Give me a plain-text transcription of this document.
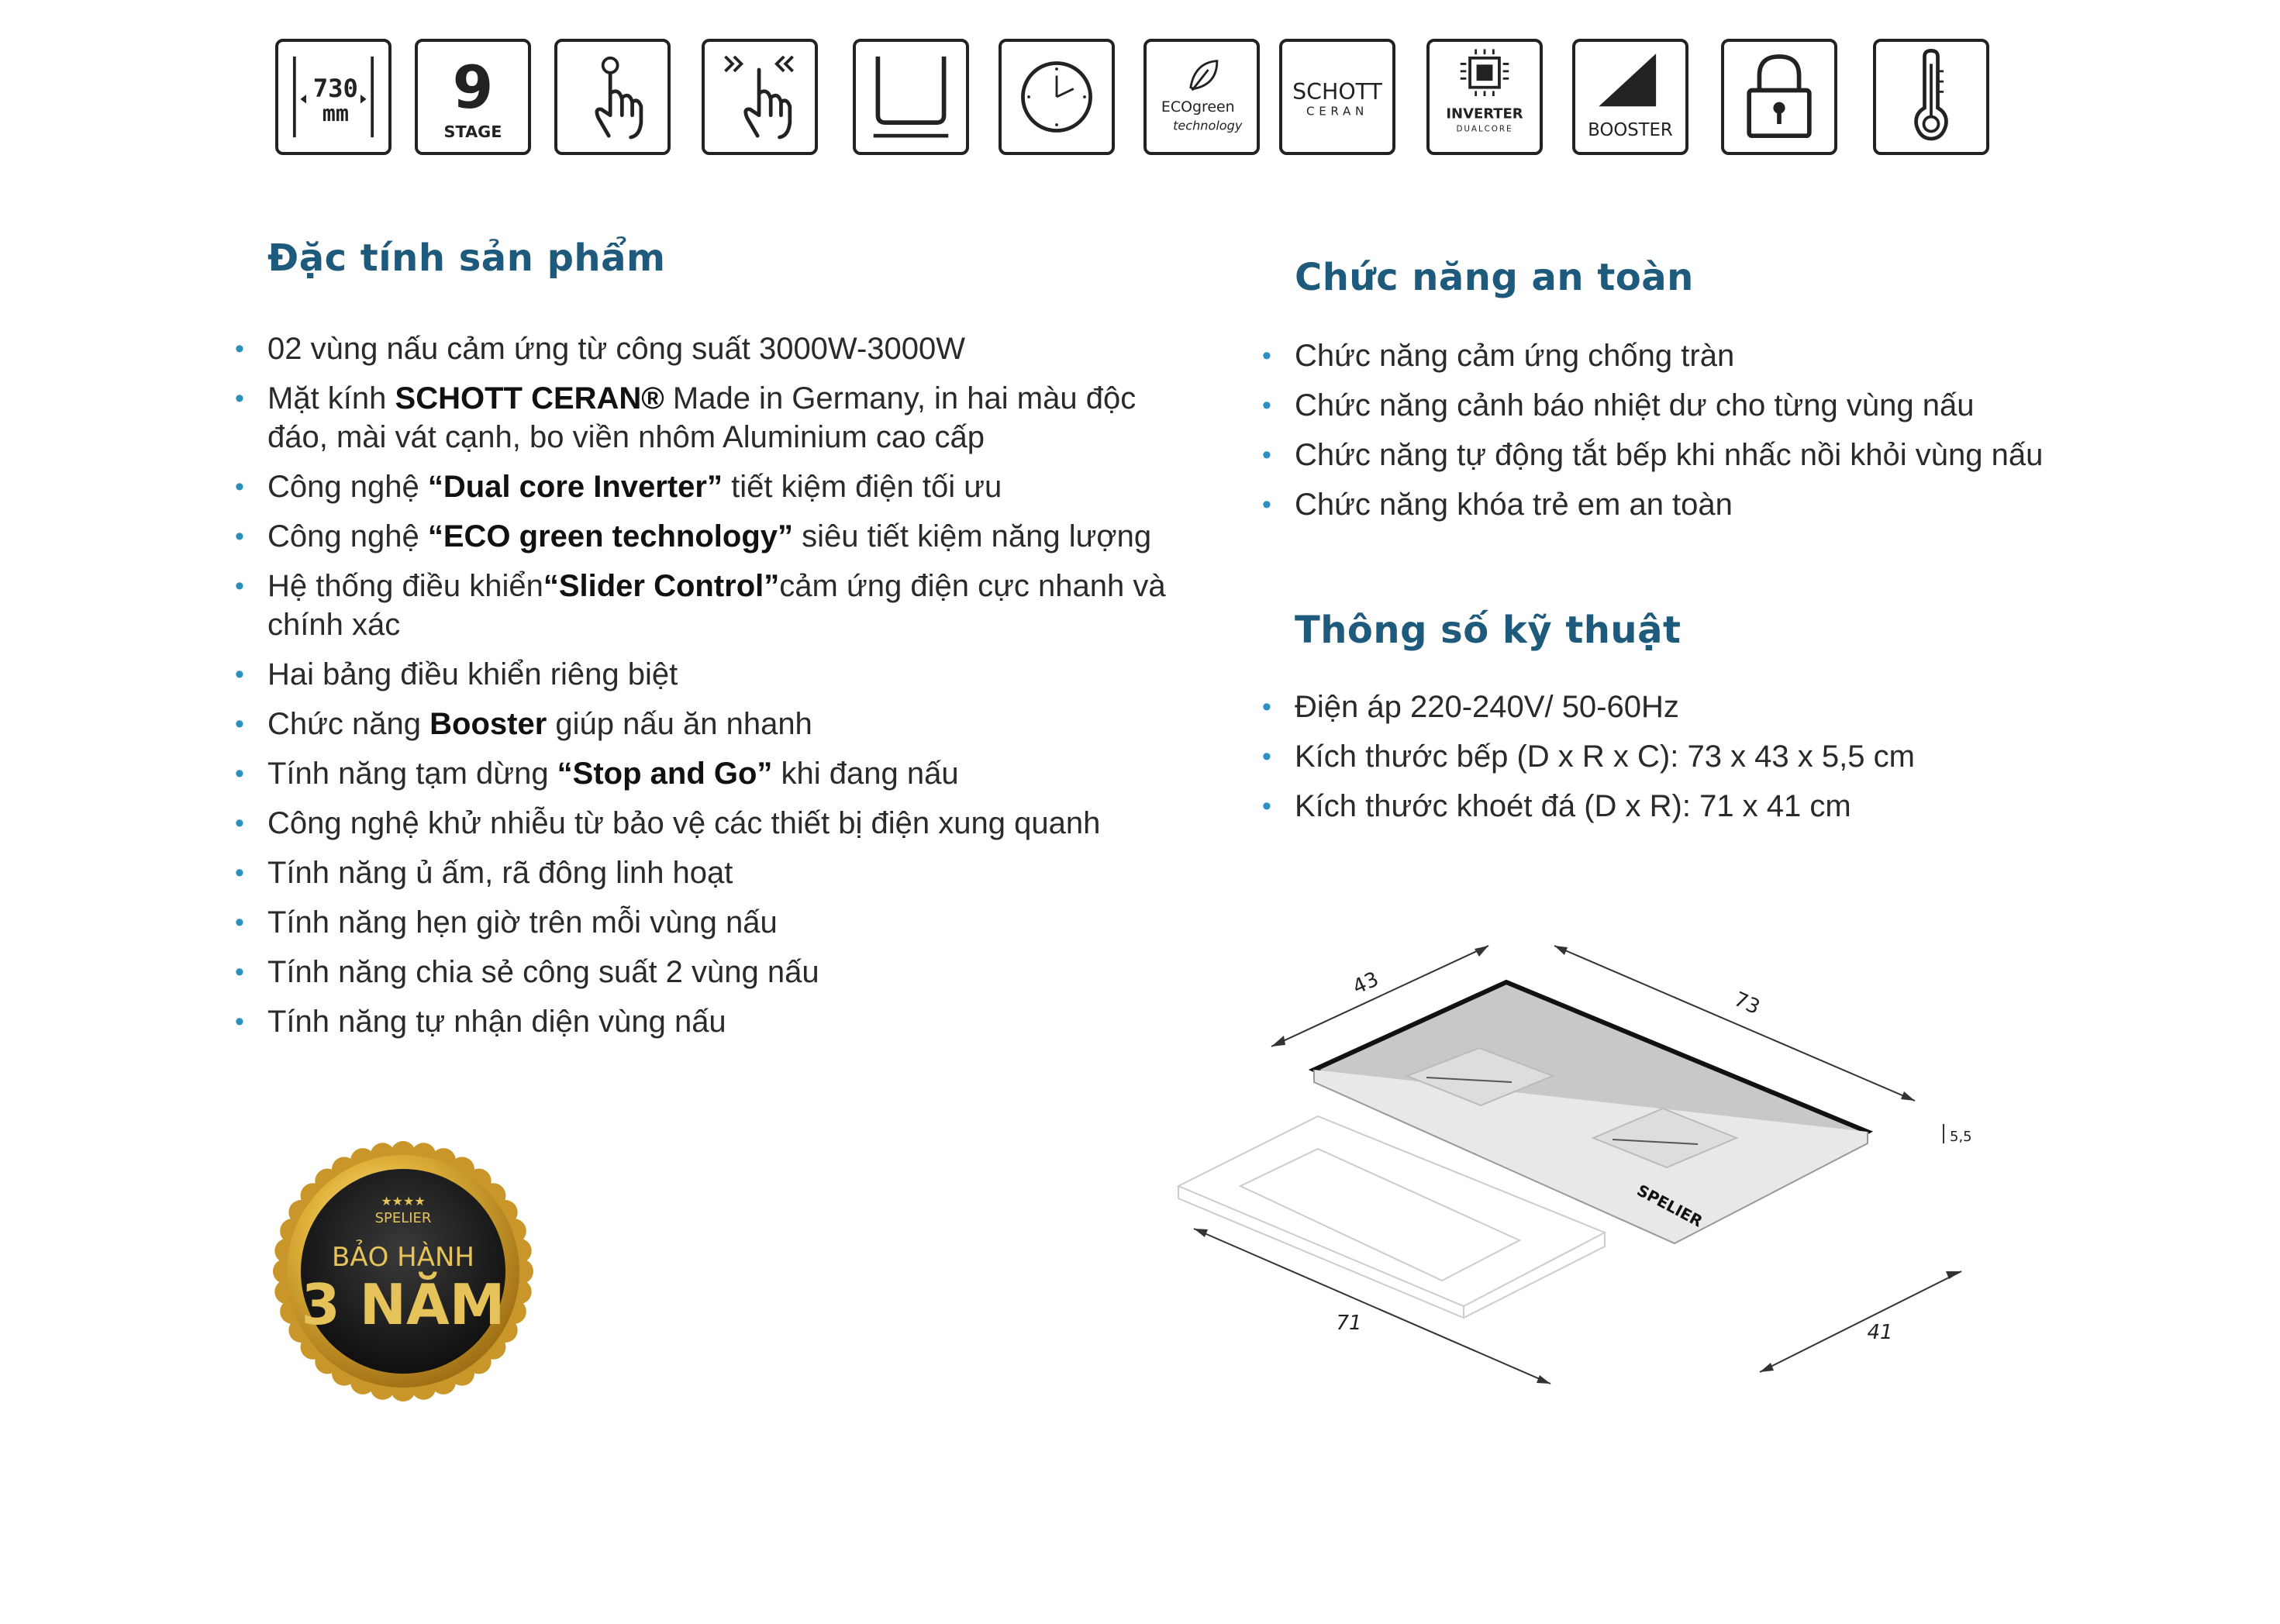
730
mm 9
STAGE
ECOgreen
technology
SCHOTT
CERAN	INVERTER
DUALCORE	BOOSTER
Đặc tính sản phẩm
• 02 vùng nấu cảm ứng từ công suất 3000W-3000W
• Mặt kính SCHOTT CERAN® Made in Germany, in hai màu độc đáo, mài vát cạnh, bo viền nhôm Aluminium cao cấp
• Công nghệ “Dual core Inverter” tiết kiệm điện tối ưu
• Công nghệ “ECO green technology” siêu tiết kiệm năng lượng
• Hệ thống điều khiển“Slider Control”cảm ứng điện cực nhanh và chính xác
• Hai bảng điều khiển riêng biệt
• Chức năng Booster giúp nấu ăn nhanh
• Tính năng tạm dừng “Stop and Go” khi đang nấu
• Công nghệ khử nhiễu từ bảo vệ các thiết bị điện xung quanh
• Tính năng ủ ấm, rã đông linh hoạt
• Tính năng hẹn giờ trên mỗi vùng nấu
• Tính năng chia sẻ công suất 2 vùng nấu
• Tính năng tự nhận diện vùng nấu
Chức năng an toàn
• Chức năng cảm ứng chống tràn
• Chức năng cảnh báo nhiệt dư cho từng vùng nấu
• Chức năng tự động tắt bếp khi nhấc nồi khỏi vùng nấu
• Chức năng khóa trẻ em an toàn
Thông số kỹ thuật
• Điện áp 220-240V/ 50-60Hz
• Kích thước bếp (D x R x C): 73 x 43 x 5,5 cm
• Kích thước khoét đá (D x R): 71 x 41 cm
★★★★
SPELIER
BẢO HÀNH
3 NĂM
SPELIER
43
73
5,5
71	41
